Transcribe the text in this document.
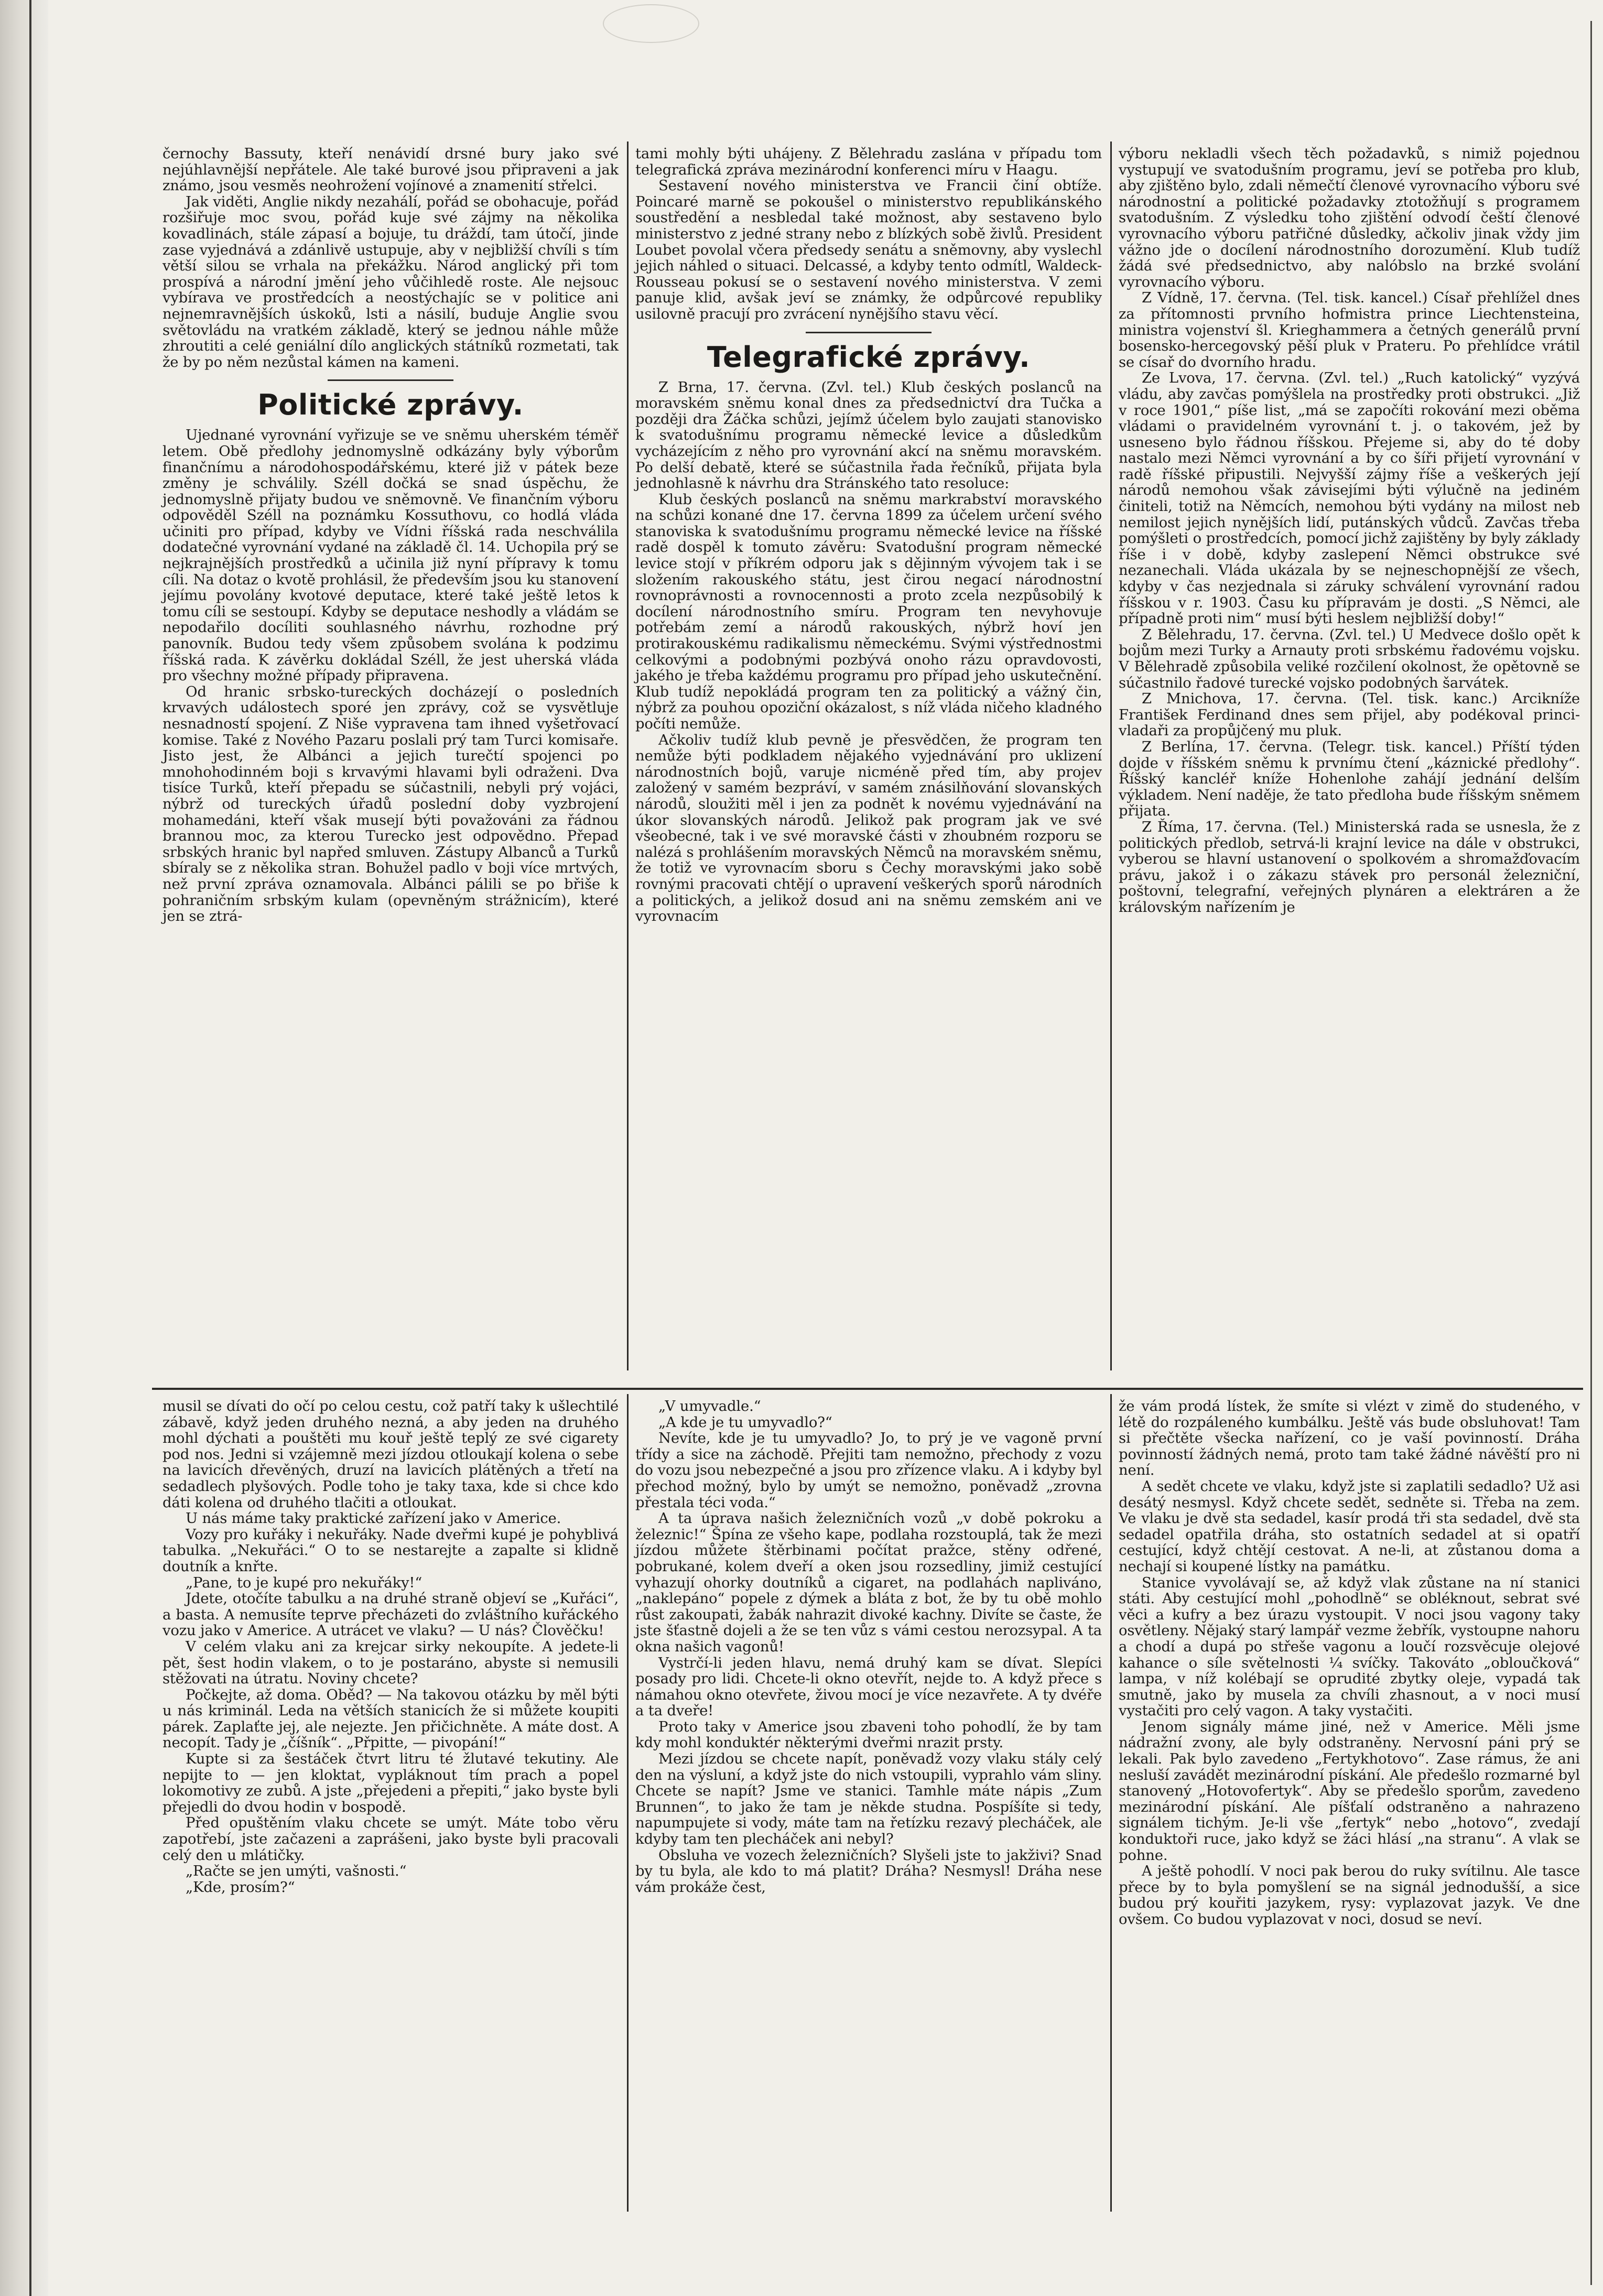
černochy Bassuty, kteří nenávidí drsné bury jako své nejúhlavnější nepřátele. Ale také burové jsou připraveni a jak známo, jsou vesměs neohrožení vojínové a znamenití střelci.

Jak viděti, Anglie nikdy nezahálí, pořád se obohacuje, pořád rozšiřuje moc svou, pořád kuje své zájmy na několika kovadlinách, stále zápasí a bojuje, tu dráždí, tam útočí, jinde zase vyjednává a zdánlivě ustupuje, aby v nejbližší chvíli s tím větší silou se vrhala na překážku. Národ anglický při tom prospívá a národní jmění jeho vůčihledě roste. Ale nejsouc vybírava ve prostředcích a neostýchajíc se v politice ani nejnemravnějších úskoků, lsti a násilí, buduje Anglie svou světovládu na vratkém základě, který se jednou náhle může zhroutiti a celé geniální dílo anglických státníků rozmetati, tak že by po něm nezůstal kámen na kameni.

Politické zprávy.

Ujednané vyrovnání vyřizuje se ve sněmu uherském téměř letem. Obě předlohy jednomyslně odkázány byly výborům finančnímu a národohospodářskému, které již v pátek beze změny je schválily. Széll dočká se snad úspěchu, že jednomyslně přijaty budou ve sněmovně. Ve finančním výboru odpověděl Széll na poznámku Kossuthovu, co hodlá vláda učiniti pro případ, kdyby ve Vídni říšská rada neschválila dodatečné vyrovnání vydané na základě čl. 14. Uchopila prý se nejkrajnějších prostředků a učinila již nyní přípravy k tomu cíli. Na dotaz o kvotě prohlásil, že především jsou ku stanovení jejímu povolány kvotové deputace, které také ještě letos k tomu cíli se sestoupí. Kdyby se deputace neshodly a vládám se nepodařilo docíliti souhlasného návrhu, rozhodne prý panovník. Budou tedy všem způsobem svolána k podzimu říšská rada. K závěrku dokládal Széll, že jest uherská vláda pro všechny možné případy připravena.

Od hranic srbsko-tureckých docházejí o posledních krvavých událostech sporé jen zprávy, což se vysvětluje nesnadností spojení. Z Niše vypravena tam ihned vyšetřovací komise. Také z Nového Pazaru poslali prý tam Turci komisaře. Jisto jest, že Albánci a jejich turečtí spojenci po mnohohodinném boji s krvavými hlavami byli odraženi. Dva tisíce Turků, kteří přepadu se súčastnili, nebyli prý vojáci, nýbrž od tureckých úřadů poslední doby vyzbrojení mohamedáni, kteří však musejí býti považováni za řádnou brannou moc, za kterou Turecko jest odpovědno. Přepad srbských hranic byl napřed smluven. Zástupy Albanců a Turků sbíraly se z několika stran. Bohužel padlo v boji více mrtvých, než první zpráva oznamovala. Albánci pálili se po břiše k pohraničním srbským kulam (opevněným strážnicím), které jen se ztrá-

tami mohly býti uhájeny. Z Bělehradu zaslána v případu tom telegrafická zpráva mezinárodní konferenci míru v Haagu.

Sestavení nového ministerstva ve Francii činí obtíže. Poincaré marně se pokoušel o ministerstvo republikánského soustředění a nesbledal také možnost, aby sestaveno bylo ministerstvo z jedné strany nebo z blízkých sobě živlů. President Loubet povolal včera předsedy senátu a sněmovny, aby vyslechl jejich náhled o situaci. Delcassé, a kdyby tento odmítl, Waldeck-Rousseau pokusí se o sestavení nového ministerstva. V zemi panuje klid, avšak jeví se známky, že odpůrcové republiky usilovně pracují pro zvrácení nynějšího stavu věcí.

Telegrafické zprávy.

Z Brna, 17. června. (Zvl. tel.) Klub českých poslanců na moravském sněmu konal dnes za předsednictví dra Tučka a později dra Žáčka schůzi, jejímž účelem bylo zaujati stanovisko k svatodušnímu programu německé levice a důsledkům vycházejícím z něho pro vyrovnání akcí na sněmu moravském. Po delší debatě, které se súčastnila řada řečníků, přijata byla jednohlasně k návrhu dra Stránského tato resoluce:

Klub českých poslanců na sněmu markrabství moravského na schůzi konané dne 17. června 1899 za účelem určení svého stanoviska k svatodušnímu programu německé levice na říšské radě dospěl k tomuto závěru: Svatodušní program německé levice stojí v příkrém odporu jak s dějinným vývojem tak i se složením rakouského státu, jest čirou negací národnostní rovnoprávnosti a rovnocennosti a proto zcela nezpůsobilý k docílení národnostního smíru. Program ten nevyhovuje potřebám zemí a národů rakouských, nýbrž hoví jen protirakouskému radikalismu německému. Svými výstřednostmi celkovými a podobnými pozbývá onoho rázu opravdovosti, jakého je třeba každému programu pro případ jeho uskutečnění. Klub tudíž nepokládá program ten za politický a vážný čin, nýbrž za pouhou opoziční okázalost, s níž vláda ničeho kladného počíti nemůže.

Ačkoliv tudíž klub pevně je přesvědčen, že program ten nemůže býti podkladem nějakého vyjednávání pro uklizení národnostních bojů, varuje nicméně před tím, aby projev založený v samém bezpráví, v samém znásilňování slovanských národů, sloužiti měl i jen za podnět k novému vyjednávání na úkor slovanských národů. Jelikož pak program jak ve své všeobecné, tak i ve své moravské části v zhoubném rozporu se nalézá s prohlášením moravských Němců na moravském sněmu, že totiž ve vyrovnacím sboru s Čechy moravskými jako sobě rovnými pracovati chtějí o upravení veškerých sporů národních a politických, a jelikož dosud ani na sněmu zemském ani ve vyrovnacím

výboru nekladli všech těch požadavků, s nimiž pojednou vystupují ve svatodušním programu, jeví se potřeba pro klub, aby zjištěno bylo, zdali němečtí členové vyrovnacího výboru své národnostní a politické požadavky ztotožňují s programem svatodušním. Z výsledku toho zjištění odvodí čeští členové vyrovnacího výboru patřičné důsledky, ačkoliv jinak vždy jim vážno jde o docílení národnostního dorozumění. Klub tudíž žádá své předsednictvo, aby nalóbslo na brzké svolání vyrovnacího výboru.

Z Vídně, 17. června. (Tel. tisk. kancel.) Císař přehlížel dnes za přítomnosti prvního hofmistra prince Liechtensteina, ministra vojenství šl. Krieghammera a četných generálů první bosensko-hercegovský pěší pluk v Prateru. Po přehlídce vrátil se císař do dvorního hradu.

Ze Lvova, 17. června. (Zvl. tel.) „Ruch katolický“ vyzývá vládu, aby zavčas pomýšlela na prostředky proti obstrukci. „Již v roce 1901,“ píše list, „má se započíti rokování mezi oběma vládami o pravidelném vyrovnání t. j. o takovém, jež by usneseno bylo řádnou říšskou. Přejeme si, aby do té doby nastalo mezi Němci vyrovnání a by co šíři přijetí vyrovnání v radě říšské připustili. Nejvyšší zájmy říše a veškerých její národů nemohou však závisejími býti výlučně na jediném činiteli, totiž na Němcích, nemohou býti vydány na milost neb nemilost jejich nynějších lidí, putánských vůdců. Zavčas třeba pomýšleti o prostředcích, pomocí jichž zajištěny by byly základy říše i v době, kdyby zaslepení Němci obstrukce své nezanechali. Vláda ukázala by se nejneschopnější ze všech, kdyby v čas nezjednala si záruky schválení vyrovnání radou říšskou v r. 1903. Času ku přípravám je dosti. „S Němci, ale případně proti nim“ musí býti heslem nejbližší doby!“

Z Bělehradu, 17. června. (Zvl. tel.) U Medvece došlo opět k bojům mezi Turky a Arnauty proti srbskému řadovému vojsku. V Bělehradě způsobila veliké rozčilení okolnost, že opětovně se súčastnilo řadové turecké vojsko podobných šarvátek.

Z Mnichova, 17. června. (Tel. tisk. kanc.) Arcikníže František Ferdinand dnes sem přijel, aby podékoval princi-vladaři za propůjčený mu pluk.

Z Berlína, 17. června. (Telegr. tisk. kancel.) Příští týden dojde v říšském sněmu k prvnímu čtení „káznické předlohy“. Říšský kancléř kníže Hohenlohe zahájí jednání delším výkladem. Není naděje, že tato předloha bude říšským sněmem přijata.

Z Říma, 17. června. (Tel.) Ministerská rada se usnesla, že z politických předlob, setrvá-li krajní levice na dále v obstrukci, vyberou se hlavní ustanovení o spolkovém a shromažďovacím právu, jakož i o zákazu stávek pro personál železniční, poštovní, telegrafní, veřejných plynáren a elektráren a že královským nařízením je

musil se dívati do očí po celou cestu, což patří taky k ušlechtilé zábavě, když jeden druhého nezná, a aby jeden na druhého mohl dýchati a pouštěti mu kouř ještě teplý ze své cigarety pod nos. Jedni si vzájemně mezi jízdou otloukají kolena o sebe na lavicích dřevěných, druzí na lavicích plátěných a třetí na sedadlech plyšových. Podle toho je taky taxa, kde si chce kdo dáti kolena od druhého tlačiti a otloukat.

U nás máme taky praktické zařízení jako v Americe.

Vozy pro kuřáky i nekuřáky. Nade dveřmi kupé je pohyblivá tabulka. „Nekuřáci.“ O to se nestarejte a zapalte si klidně doutník a knřte.

„Pane, to je kupé pro nekuřáky!“

Jdete, otočíte tabulku a na druhé straně objeví se „Kuřáci“, a basta. A nemusíte teprve přecházeti do zvláštního kuřáckého vozu jako v Americe. A utrácet ve vlaku? — U nás? Člověčku!

V celém vlaku ani za krejcar sirky nekoupíte. A jedete-li pět, šest hodin vlakem, o to je postaráno, abyste si nemusili stěžovati na útratu. Noviny chcete?

Počkejte, až doma. Oběd? — Na takovou otázku by měl býti u nás kriminál. Leda na větších stanicích že si můžete koupiti párek. Zaplaťte jej, ale nejezte. Jen přičichněte. A máte dost. A necopít. Tady je „číšník“. „Přpitte, — pivopání!“

Kupte si za šestáček čtvrt litru té žlutavé tekutiny. Ale nepijte to — jen kloktat, vypláknout tím prach a popel lokomotivy ze zubů. A jste „přejedeni a přepiti,“ jako byste byli přejedli do dvou hodin v bospodě.

Před opuštěním vlaku chcete se umýt. Máte tobo věru zapotřebí, jste začazeni a zaprášeni, jako byste byli pracovali celý den u mlátičky.

„Račte se jen umýti, vašnosti.“

„Kde, prosím?“

„V umyvadle.“

„A kde je tu umyvadlo?“

Nevíte, kde je tu umyvadlo? Jo, to prý je ve vagoně první třídy a sice na záchodě. Přejiti tam nemožno, přechody z vozu do vozu jsou nebezpečné a jsou pro zřízence vlaku. A i kdyby byl přechod možný, bylo by umýt se nemožno, poněvadž „zrovna přestala téci voda.“

A ta úprava našich železničních vozů „v době pokroku a železnic!“ Špína ze všeho kape, podlaha rozstouplá, tak že mezi jízdou můžete štěrbinami počítat pražce, stěny odřené, pobrukané, kolem dveří a oken jsou rozsedliny, jimiž cestující vyhazují ohorky doutníků a cigaret, na podlahách napliváno, „naklepáno“ popele z dýmek a bláta z bot, že by tu obě mohlo růst zakoupati, žabák nahrazit divoké kachny. Divíte se časte, že jste šťastně dojeli a že se ten vůz s vámi cestou nerozsypal. A ta okna našich vagonů!

Vystrčí-li jeden hlavu, nemá druhý kam se dívat. Slepíci posady pro lidi. Chcete-li okno otevřít, nejde to. A když přece s námahou okno otevřete, živou mocí je více nezavřete. A ty dvéře a ta dveře!

Proto taky v Americe jsou zbaveni toho pohodlí, že by tam kdy mohl konduktér některými dveřmi nrazit prsty.

Mezi jízdou se chcete napít, poněvadž vozy vlaku stály celý den na výsluní, a když jste do nich vstoupili, vyprahlo vám sliny. Chcete se napít? Jsme ve stanici. Tamhle máte nápis „Zum Brunnen“, to jako že tam je někde studna. Pospíšíte si tedy, napumpujete si vody, máte tam na řetízku rezavý plecháček, ale kdyby tam ten plecháček ani nebyl?

Obsluha ve vozech železničních? Slyšeli jste to jakživi? Snad by tu byla, ale kdo to má platit? Dráha? Nesmysl! Dráha nese vám prokáže čest,

že vám prodá lístek, že smíte si vlézt v zimě do studeného, v létě do rozpáleného kumbálku. Ještě vás bude obsluhovat! Tam si přečtěte všecka nařízení, co je vaší povinností. Dráha povinností žádných nemá, proto tam také žádné návěští pro ni není.

A sedět chcete ve vlaku, když jste si zaplatili sedadlo? Už asi desátý nesmysl. Když chcete sedět, sedněte si. Třeba na zem. Ve vlaku je dvě sta sedadel, kasír prodá tři sta sedadel, dvě sta sedadel opatřila dráha, sto ostatních sedadel at si opatří cestující, když chtějí cestovat. A ne-li, at zůstanou doma a nechají si koupené lístky na památku.

Stanice vyvolávají se, až když vlak zůstane na ní stanici státi. Aby cestující mohl „pohodlně“ se obléknout, sebrat své věci a kufry a bez úrazu vystoupit. V noci jsou vagony taky osvětleny. Nějaký starý lampář vezme žebřík, vystoupne nahoru a chodí a dupá po střeše vagonu a loučí rozsvěcuje olejové kahance o síle světelnosti ¼ svíčky. Takováto „obloučková“ lampa, v níž kolébají se oprudité zbytky oleje, vypadá tak smutně, jako by musela za chvíli zhasnout, a v noci musí vystačiti pro celý vagon. A taky vystačiti.

Jenom signály máme jiné, než v Americe. Měli jsme nádražní zvony, ale byly odstraněny. Nervosní páni prý se lekali. Pak bylo zavedeno „Fertykhotovo“. Zase rámus, že ani nesluší zavádět mezinárodní pískání. Ale předešlo rozmarné byl stanovený „Hotovofertyk“. Aby se předešlo sporům, zavedeno mezinárodní pískání. Ale píšťalí odstraněno a nahrazeno signálem tichým. Je-li vše „fertyk“ nebo „hotovo“, zvedají konduktoři ruce, jako když se žáci hlásí „na stranu“. A vlak se pohne.

A ještě pohodlí. V noci pak berou do ruky svítilnu. Ale tasce přece by to byla pomyšlení se na signál jednodušší, a sice budou prý kouřiti jazykem, rysy: vyplazovat jazyk. Ve dne ovšem. Co budou vyplazovat v noci, dosud se neví.
